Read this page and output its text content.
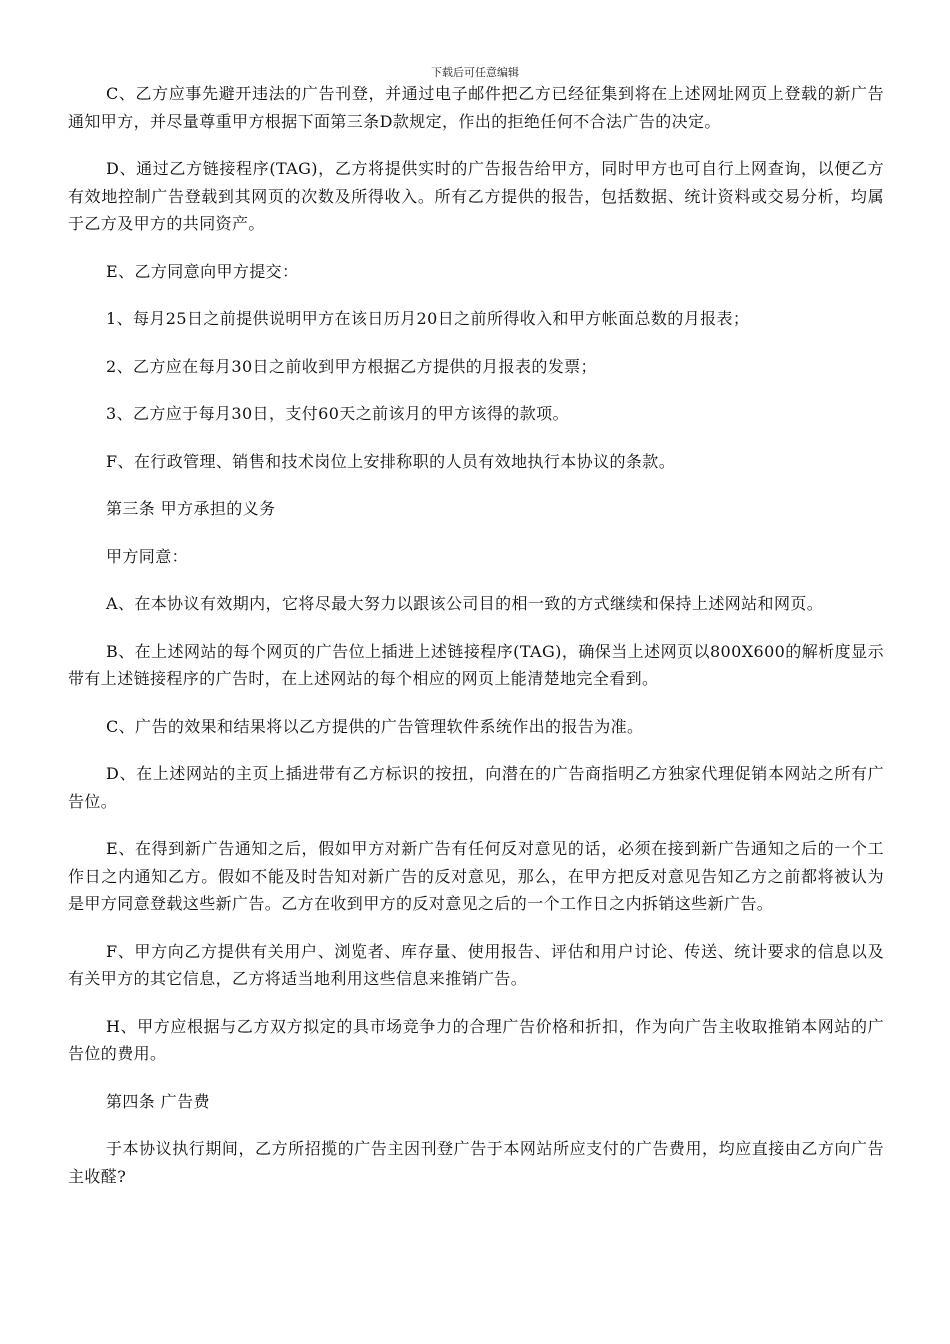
下载后可任意编辑

C、乙方应事先避开违法的广告刊登，并通过电子邮件把乙方已经征集到将在上述网址网页上登载的新广告通知甲方，并尽量尊重甲方根据下面第三条D款规定，作出的拒绝任何不合法广告的决定。

D、通过乙方链接程序(TAG)，乙方将提供实时的广告报告给甲方，同时甲方也可自行上网查询，以便乙方有效地控制广告登载到其网页的次数及所得收入。所有乙方提供的报告，包括数据、统计资料或交易分析，均属于乙方及甲方的共同资产。

E、乙方同意向甲方提交：

1、每月25日之前提供说明甲方在该日历月20日之前所得收入和甲方帐面总数的月报表；

2、乙方应在每月30日之前收到甲方根据乙方提供的月报表的发票；

3、乙方应于每月30日，支付60天之前该月的甲方该得的款项。

F、在行政管理、销售和技术岗位上安排称职的人员有效地执行本协议的条款。

第三条 甲方承担的义务

甲方同意：

A、在本协议有效期内，它将尽最大努力以跟该公司目的相一致的方式继续和保持上述网站和网页。

B、在上述网站的每个网页的广告位上插进上述链接程序(TAG)，确保当上述网页以800X600的解析度显示带有上述链接程序的广告时，在上述网站的每个相应的网页上能清楚地完全看到。

C、广告的效果和结果将以乙方提供的广告管理软件系统作出的报告为准。

D、在上述网站的主页上插进带有乙方标识的按扭，向潜在的广告商指明乙方独家代理促销本网站之所有广告位。

E、在得到新广告通知之后，假如甲方对新广告有任何反对意见的话，必须在接到新广告通知之后的一个工作日之内通知乙方。假如不能及时告知对新广告的反对意见，那么，在甲方把反对意见告知乙方之前都将被认为是甲方同意登载这些新广告。乙方在收到甲方的反对意见之后的一个工作日之内拆销这些新广告。

F、甲方向乙方提供有关用户、浏览者、库存量、使用报告、评估和用户讨论、传送、统计要求的信息以及有关甲方的其它信息，乙方将适当地利用这些信息来推销广告。

H、甲方应根据与乙方双方拟定的具市场竞争力的合理广告价格和折扣，作为向广告主收取推销本网站的广告位的费用。

第四条 广告费

于本协议执行期间，乙方所招揽的广告主因刊登广告于本网站所应支付的广告费用，均应直接由乙方向广告主收醛?
